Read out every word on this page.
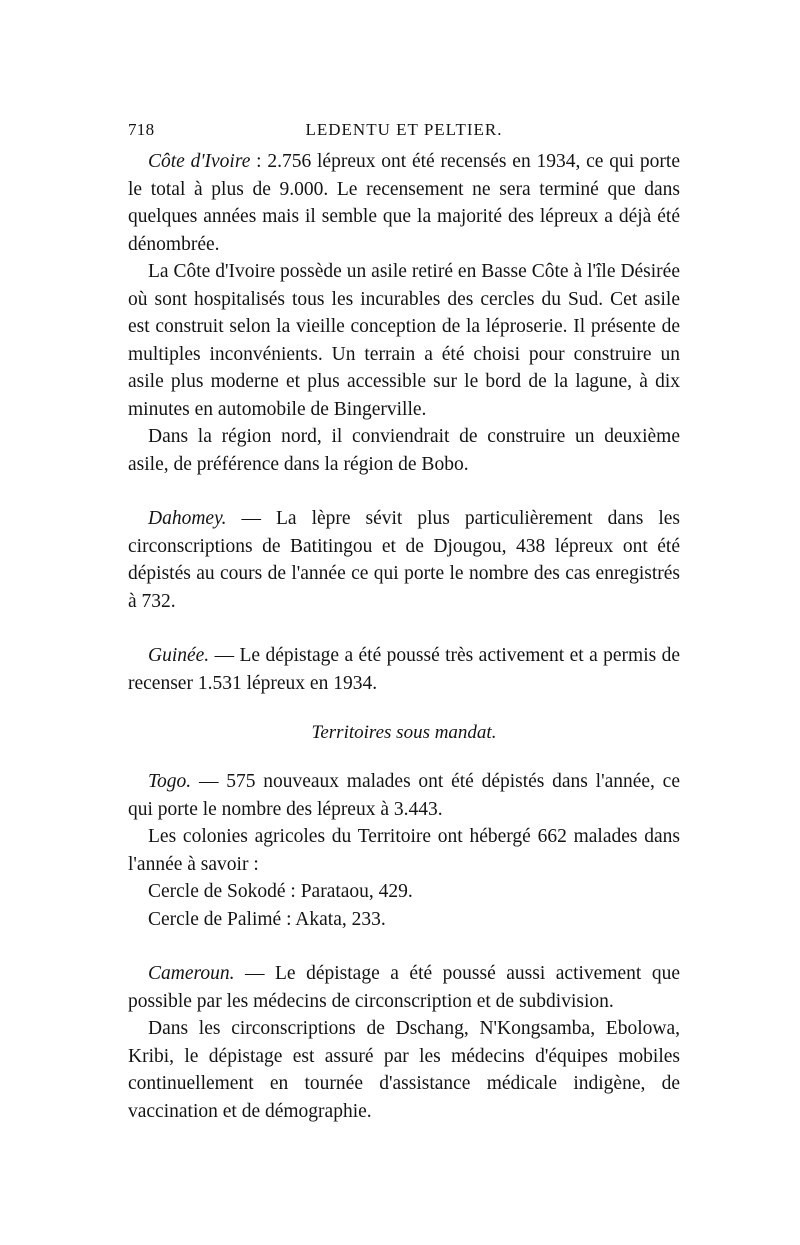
718	LEDENTU ET PELTIER.

Côte d'Ivoire : 2.756 lépreux ont été recensés en 1934, ce qui porte le total à plus de 9.000. Le recensement ne sera terminé que dans quelques années mais il semble que la majorité des lépreux a déjà été dénombrée.

La Côte d'Ivoire possède un asile retiré en Basse Côte à l'île Désirée où sont hospitalisés tous les incurables des cercles du Sud. Cet asile est construit selon la vieille conception de la léproserie. Il présente de multiples inconvénients. Un terrain a été choisi pour construire un asile plus moderne et plus accessible sur le bord de la lagune, à dix minutes en automobile de Bingerville.

Dans la région nord, il conviendrait de construire un deuxième asile, de préférence dans la région de Bobo.

Dahomey. — La lèpre sévit plus particulièrement dans les circonscriptions de Batitingou et de Djougou, 438 lépreux ont été dépistés au cours de l'année ce qui porte le nombre des cas enregistrés à 732.

Guinée. — Le dépistage a été poussé très activement et a permis de recenser 1.531 lépreux en 1934.

Territoires sous mandat.

Togo. — 575 nouveaux malades ont été dépistés dans l'année, ce qui porte le nombre des lépreux à 3.443.

Les colonies agricoles du Territoire ont hébergé 662 malades dans l'année à savoir :

Cercle de Sokodé : Parataou, 429.

Cercle de Palimé : Akata, 233.

Cameroun. — Le dépistage a été poussé aussi activement que possible par les médecins de circonscription et de subdivision.

Dans les circonscriptions de Dschang, N'Kongsamba, Ebolowa, Kribi, le dépistage est assuré par les médecins d'équipes mobiles continuellement en tournée d'assistance médicale indigène, de vaccination et de démographie.
